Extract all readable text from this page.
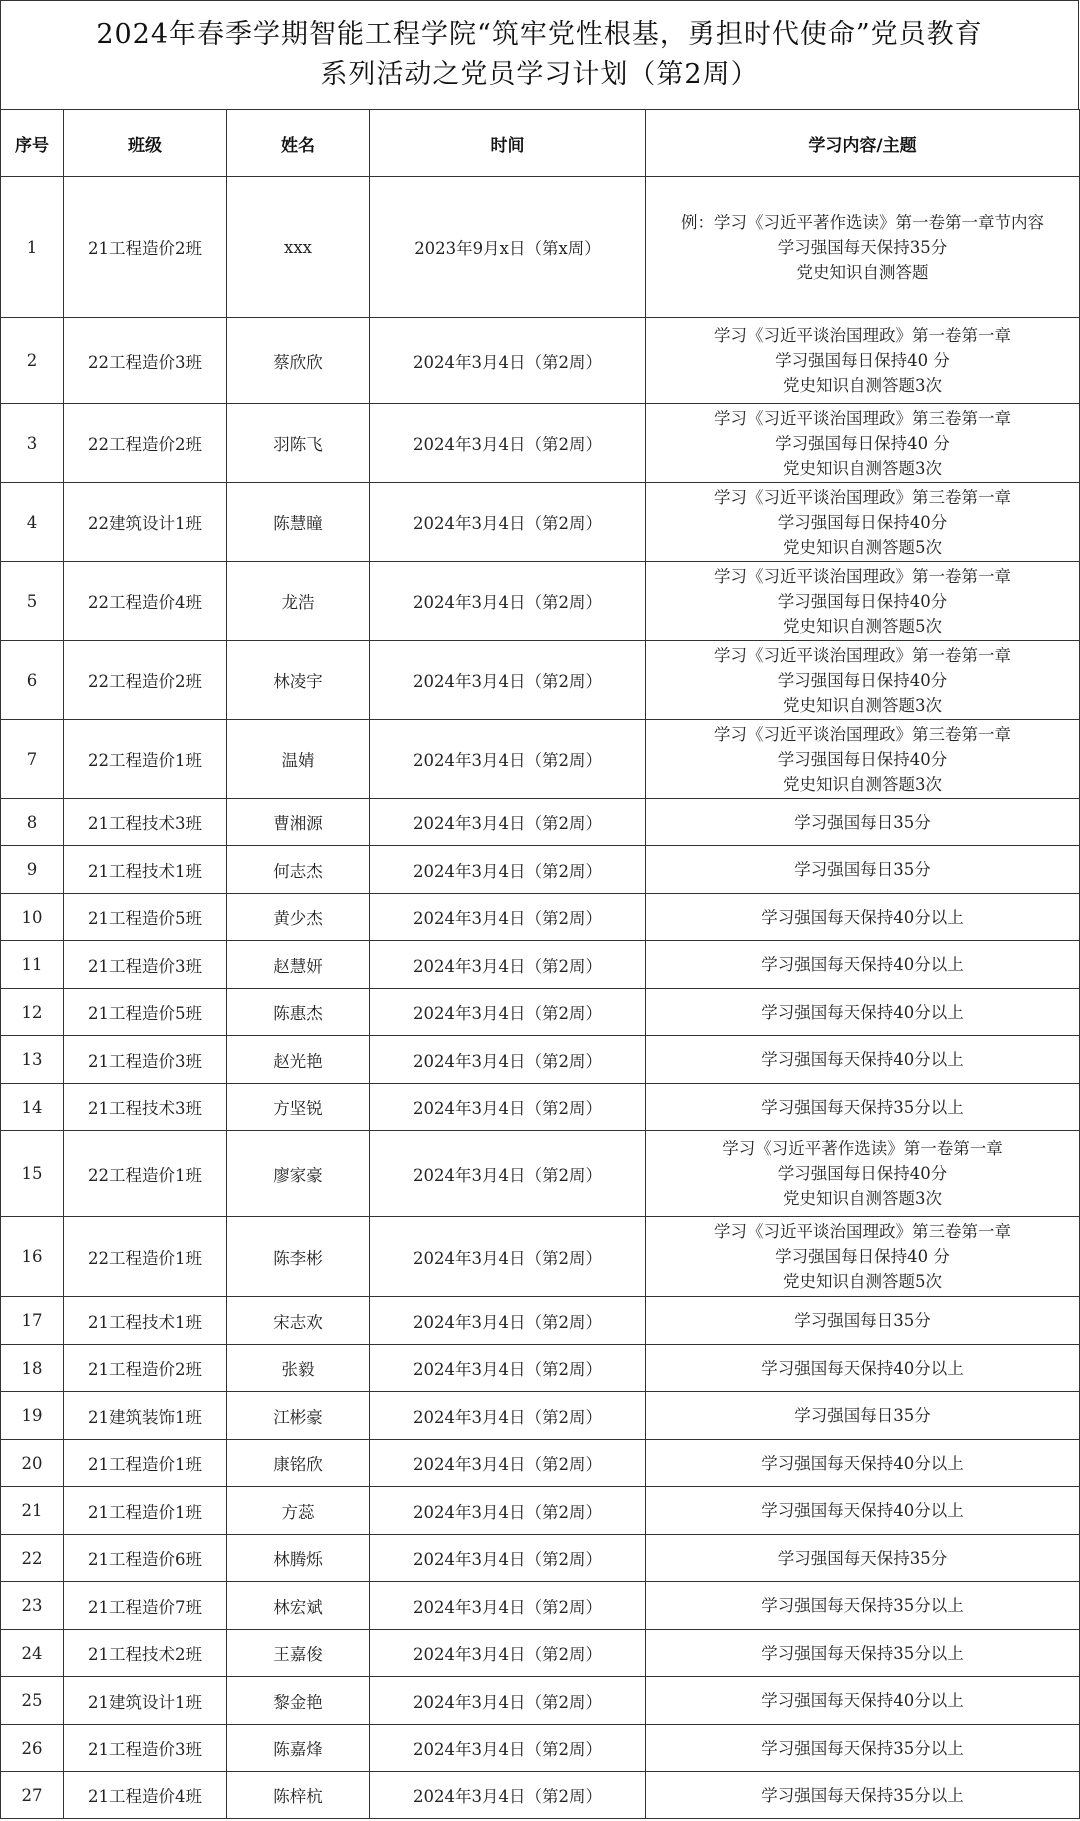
2024年春季学期智能工程学院“筑牢党性根基，勇担时代使命”党员教育
系列活动之党员学习计划（第2周）
序号	班级	姓名	时间	学习内容/主题
1	21工程造价2班	xxx	2023年9月x日（第x周）	例：学习《习近平著作选读》第一卷第一章节内容
学习强国每天保持35分
党史知识自测答题

2	22工程造价3班	蔡欣欣	2024年3月4日（第2周）	学习《习近平谈治国理政》第一卷第一章
学习强国每日保持40 分
党史知识自测答题3次

3	22工程造价2班	羽陈飞	2024年3月4日（第2周）	学习《习近平谈治国理政》第三卷第一章
学习强国每日保持40 分
党史知识自测答题3次

4	22建筑设计1班	陈慧瞳	2024年3月4日（第2周）	学习《习近平谈治国理政》第三卷第一章
学习强国每日保持40分
党史知识自测答题5次

5	22工程造价4班	龙浩	2024年3月4日（第2周）	学习《习近平谈治国理政》第一卷第一章
学习强国每日保持40分
党史知识自测答题5次

6	22工程造价2班	林凌宇	2024年3月4日（第2周）	学习《习近平谈治国理政》第一卷第一章
学习强国每日保持40分
党史知识自测答题3次

7	22工程造价1班	温婧	2024年3月4日（第2周）	学习《习近平谈治国理政》第三卷第一章
学习强国每日保持40分
党史知识自测答题3次

8	21工程技术3班	曹湘源	2024年3月4日（第2周）	学习强国每日35分

9	21工程技术1班	何志杰	2024年3月4日（第2周）	学习强国每日35分

10	21工程造价5班	黄少杰	2024年3月4日（第2周）	学习强国每天保持40分以上

11	21工程造价3班	赵慧妍	2024年3月4日（第2周）	学习强国每天保持40分以上

12	21工程造价5班	陈惠杰	2024年3月4日（第2周）	学习强国每天保持40分以上

13	21工程造价3班	赵光艳	2024年3月4日（第2周）	学习强国每天保持40分以上

14	21工程技术3班	方坚锐	2024年3月4日（第2周）	学习强国每天保持35分以上

15	22工程造价1班	廖家豪	2024年3月4日（第2周）	学习《习近平著作选读》第一卷第一章
学习强国每日保持40分
党史知识自测答题3次

16	22工程造价1班	陈李彬	2024年3月4日（第2周）	学习《习近平谈治国理政》第三卷第一章
学习强国每日保持40 分
党史知识自测答题5次

17	21工程技术1班	宋志欢	2024年3月4日（第2周）	学习强国每日35分

18	21工程造价2班	张毅	2024年3月4日（第2周）	学习强国每天保持40分以上

19	21建筑装饰1班	江彬豪	2024年3月4日（第2周）	学习强国每日35分

20	21工程造价1班	康铭欣	2024年3月4日（第2周）	学习强国每天保持40分以上

21	21工程造价1班	方蕊	2024年3月4日（第2周）	学习强国每天保持40分以上

22	21工程造价6班	林腾烁	2024年3月4日（第2周）	学习强国每天保持35分

23	21工程造价7班	林宏斌	2024年3月4日（第2周）	学习强国每天保持35分以上

24	21工程技术2班	王嘉俊	2024年3月4日（第2周）	学习强国每天保持35分以上

25	21建筑设计1班	黎金艳	2024年3月4日（第2周）	学习强国每天保持40分以上

26	21工程造价3班	陈嘉烽	2024年3月4日（第2周）	学习强国每天保持35分以上

27	21工程造价4班	陈梓杭	2024年3月4日（第2周）	学习强国每天保持35分以上
